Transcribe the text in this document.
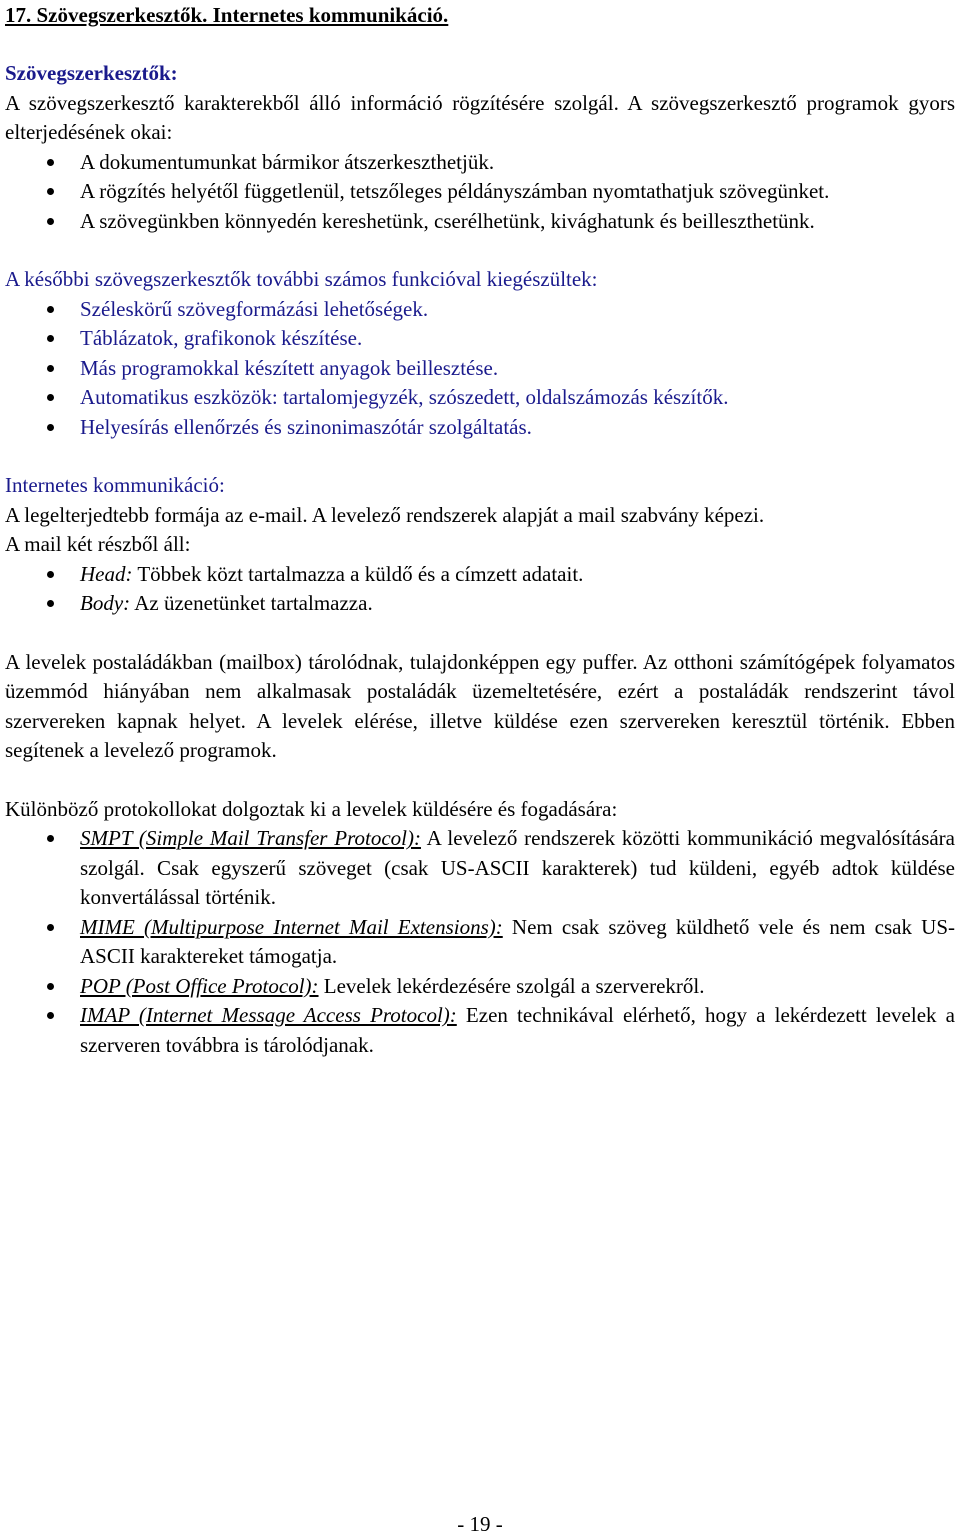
17. Szövegszerkesztők. Internetes kommunikáció.
Szövegszerkesztők:

A szövegszerkesztő karakterekből álló információ rögzítésére szolgál. A szövegszerkesztő programok gyors elterjedésének okai:

A dokumentumunkat bármikor átszerkeszthetjük.
A rögzítés helyétől függetlenül, tetszőleges példányszámban nyomtathatjuk szövegünket.
A szövegünkben könnyedén kereshetünk, cserélhetünk, kivághatunk és beilleszthetünk.

A későbbi szövegszerkesztők további számos funkcióval kiegészültek:

Széleskörű szövegformázási lehetőségek.
Táblázatok, grafikonok készítése.
Más programokkal készített anyagok beillesztése.
Automatikus eszközök: tartalomjegyzék, szószedett, oldalszámozás készítők.
Helyesírás ellenőrzés és szinonimaszótár szolgáltatás.
Internetes kommunikáció:

A legelterjedtebb formája az e-mail. A levelező rendszerek alapját a mail szabvány képezi.

A mail két részből áll:

Head: Többek közt tartalmazza a küldő és a címzett adatait.
Body: Az üzenetünket tartalmazza.

A levelek postaládákban (mailbox) tárolódnak, tulajdonképpen egy puffer. Az otthoni számítógépek folyamatos üzemmód hiányában nem alkalmasak postaládák üzemeltetésére, ezért a postaládák rendszerint távol szervereken kapnak helyet. A levelek elérése, illetve küldése ezen szervereken keresztül történik. Ebben segítenek a levelező programok.

Különböző protokollokat dolgoztak ki a levelek küldésére és fogadására:

SMPT (Simple Mail Transfer Protocol): A levelező rendszerek közötti kommunikáció megvalósítására szolgál. Csak egyszerű szöveget (csak US-ASCII karakterek) tud küldeni, egyéb adtok küldése konvertálással történik.
MIME (Multipurpose Internet Mail Extensions): Nem csak szöveg küldhető vele és nem csak US-ASCII karaktereket támogatja.
POP (Post Office Protocol): Levelek lekérdezésére szolgál a szerverekről.
IMAP (Internet Message Access Protocol): Ezen technikával elérhető, hogy a lekérdezett levelek a szerveren továbbra is tárolódjanak.
- 19 -
